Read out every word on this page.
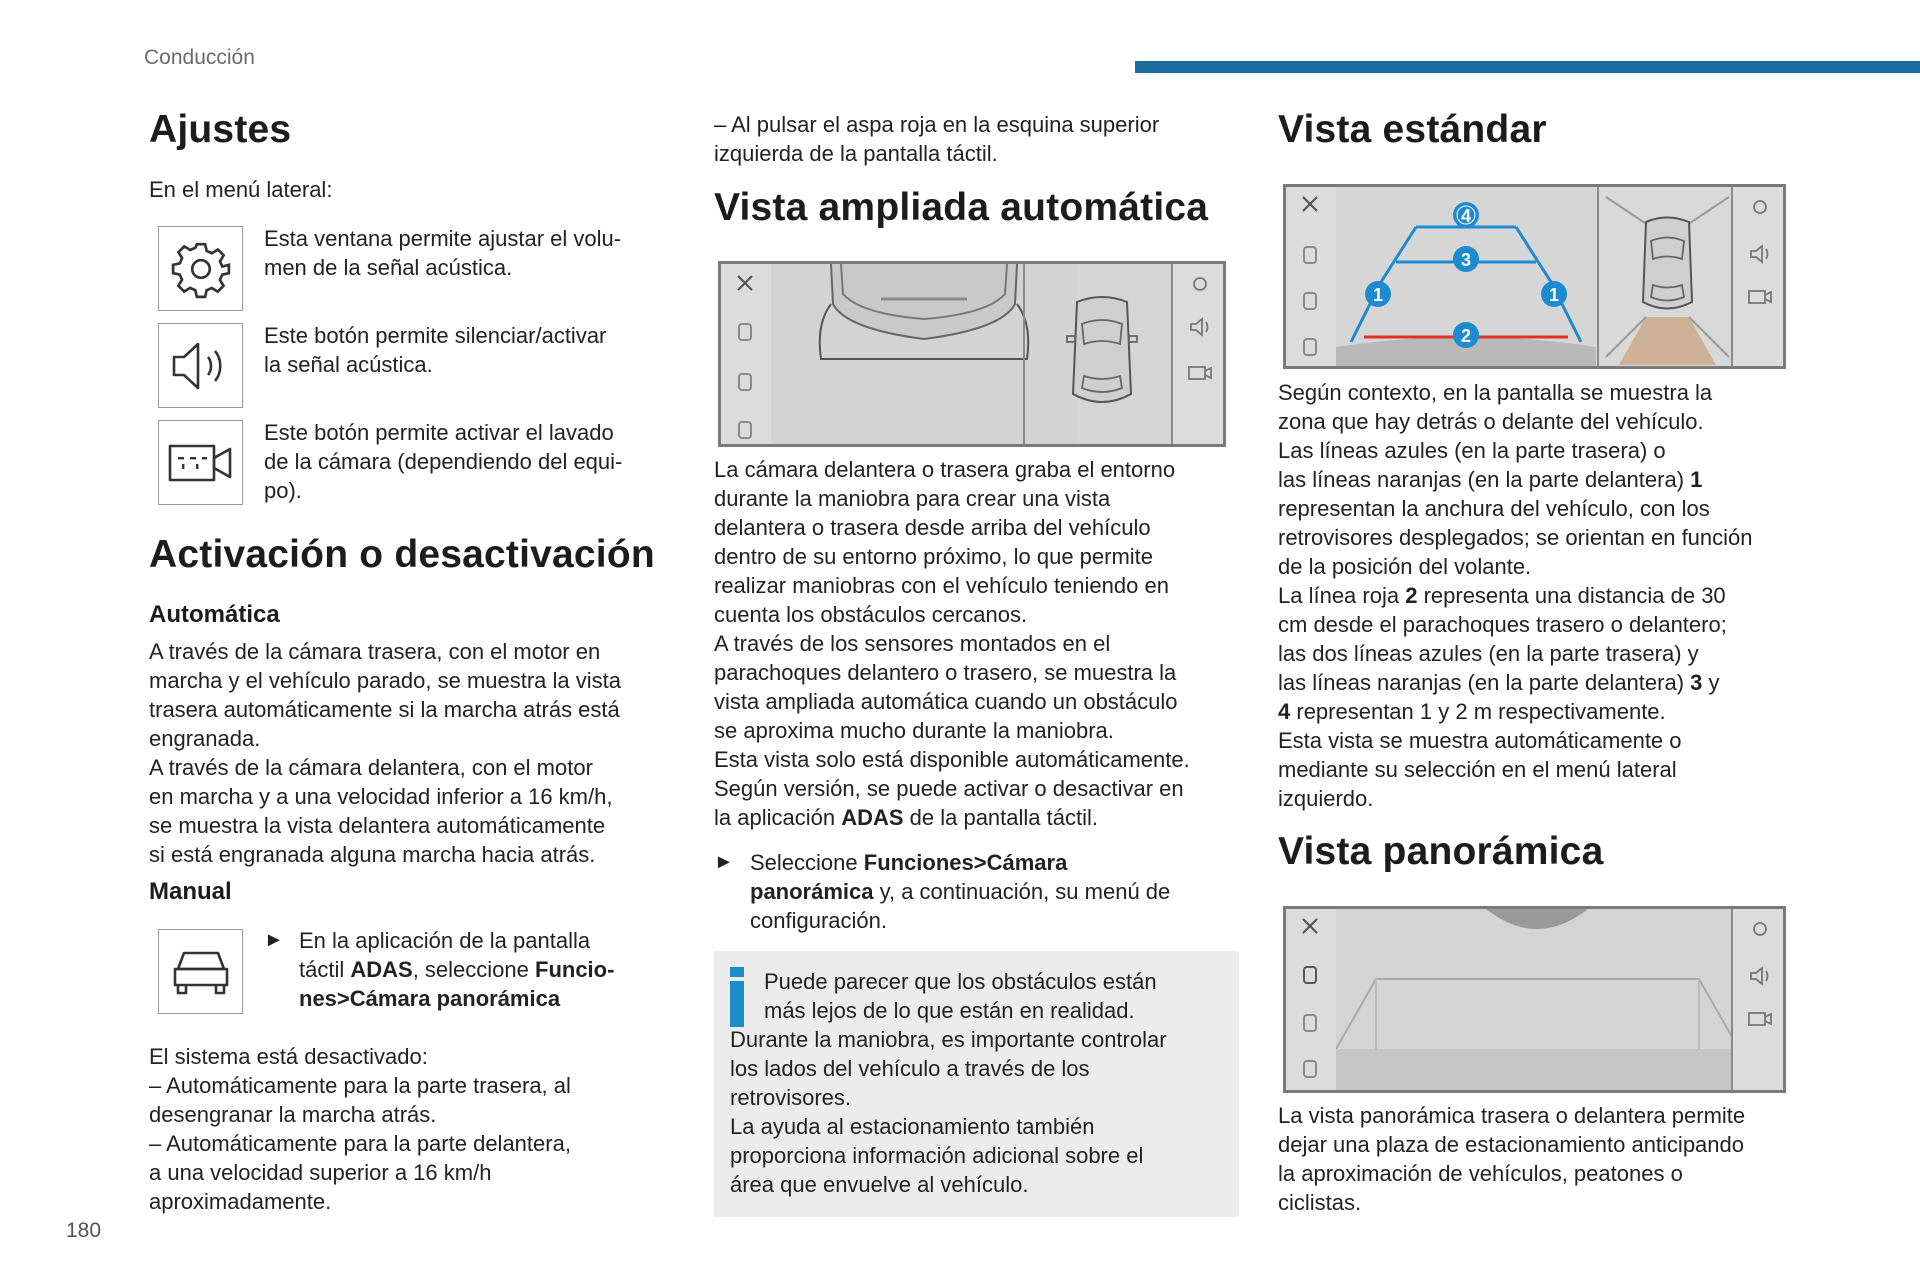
Conducción
180
Ajustes

En el menú lateral:

Esta ventana permite ajustar el volu-
men de la señal acústica.

Este botón permite silenciar/activar
la señal acústica.

Este botón permite activar el lavado
de la cámara (dependiendo del equi-
po).

Activación o desactivación
Automática
A través de la cámara trasera, con el motor en
marcha y el vehículo parado, se muestra la vista
trasera automáticamente si la marcha atrás está
engranada.
A través de la cámara delantera, con el motor
en marcha y a una velocidad inferior a 16 km/h,
se muestra la vista delantera automáticamente
si está engranada alguna marcha hacia atrás.
Manual
► En la aplicación de la pantalla
táctil ADAS, seleccione Funcio-
nes>Cámara panorámica
El sistema está desactivado:
– Automáticamente para la parte trasera, al
desengranar la marcha atrás.
– Automáticamente para la parte delantera,
a una velocidad superior a 16 km/h
aproximadamente.
– Al pulsar el aspa roja en la esquina superior
izquierda de la pantalla táctil.
Vista ampliada automática
La cámara delantera o trasera graba el entorno
durante la maniobra para crear una vista
delantera o trasera desde arriba del vehículo
dentro de su entorno próximo, lo que permite
realizar maniobras con el vehículo teniendo en
cuenta los obstáculos cercanos.
A través de los sensores montados en el
parachoques delantero o trasero, se muestra la
vista ampliada automática cuando un obstáculo
se aproxima mucho durante la maniobra.
Esta vista solo está disponible automáticamente.
Según versión, se puede activar o desactivar en
la aplicación ADAS de la pantalla táctil.
► Seleccione Funciones>Cámara
panorámica y, a continuación, su menú de
configuración.
Puede parecer que los obstáculos están
más lejos de lo que están en realidad.
Durante la maniobra, es importante controlar
los lados del vehículo a través de los
retrovisores.
La ayuda al estacionamiento también
proporciona información adicional sobre el
área que envuelve al vehículo.
Vista estándar
4
3
1	1
2
Según contexto, en la pantalla se muestra la
zona que hay detrás o delante del vehículo.
Las líneas azules (en la parte trasera) o
las líneas naranjas (en la parte delantera) 1
representan la anchura del vehículo, con los
retrovisores desplegados; se orientan en función
de la posición del volante.
La línea roja 2 representa una distancia de 30
cm desde el parachoques trasero o delantero;
las dos líneas azules (en la parte trasera) y
las líneas naranjas (en la parte delantera) 3 y
4 representan 1 y 2 m respectivamente.
Esta vista se muestra automáticamente o
mediante su selección en el menú lateral
izquierdo.
Vista panorámica
La vista panorámica trasera o delantera permite
dejar una plaza de estacionamiento anticipando
la aproximación de vehículos, peatones o
ciclistas.
